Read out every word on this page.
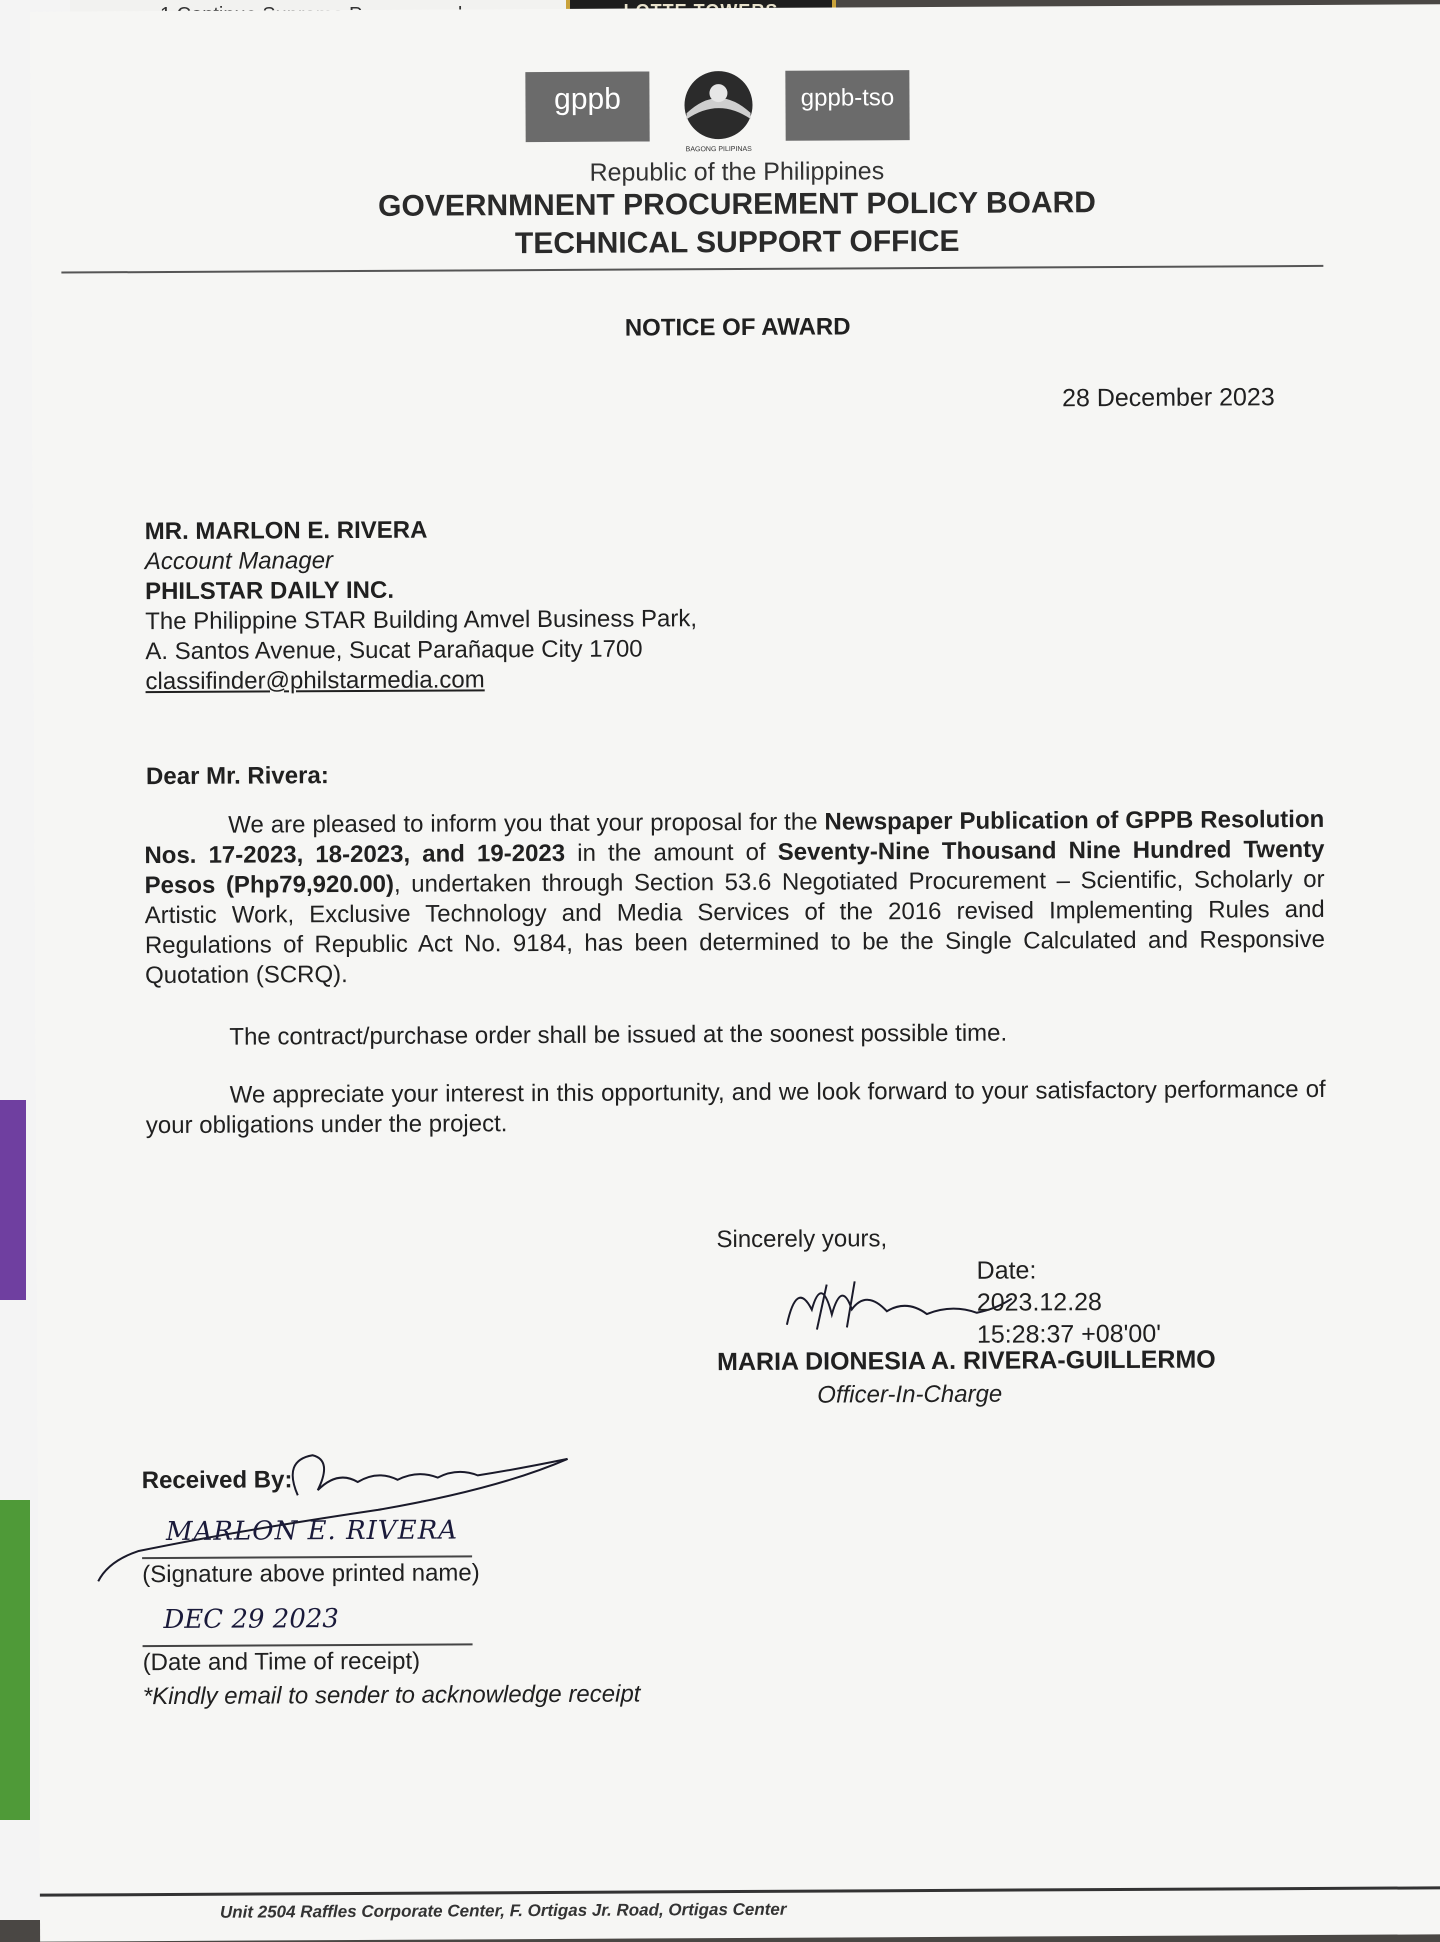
gppb
BAGONG PILIPINAS
gppb-tso
Republic of the Philippines
GOVERNMNENT PROCUREMENT POLICY BOARD
TECHNICAL SUPPORT OFFICE
NOTICE OF AWARD
28 December 2023
MR. MARLON E. RIVERA
Account Manager
PHILSTAR DAILY INC.
The Philippine STAR Building Amvel Business Park,
A. Santos Avenue, Sucat Parañaque City 1700
classifinder@philstarmedia.com
Dear Mr. Rivera:
We are pleased to inform you that your proposal for the Newspaper Publication of GPPB Resolution Nos. 17-2023, 18-2023, and 19-2023 in the amount of Seventy-Nine Thousand Nine Hundred Twenty Pesos (Php79,920.00), undertaken through Section 53.6 Negotiated Procurement – Scientific, Scholarly or Artistic Work, Exclusive Technology and Media Services of the 2016 revised Implementing Rules and Regulations of Republic Act No. 9184, has been determined to be the Single Calculated and Responsive Quotation (SCRQ).
The contract/purchase order shall be issued at the soonest possible time.
We appreciate your interest in this opportunity, and we look forward to your satisfactory performance of your obligations under the project.
Sincerely yours,
Date:
2023.12.28
15:28:37 +08'00'
MARIA DIONESIA A. RIVERA-GUILLERMO
Officer-In-Charge
Received By:
MARLON E. RIVERA
(Signature above printed name)
DEC 29 2023
(Date and Time of receipt)
*Kindly email to sender to acknowledge receipt
Unit 2504 Raffles Corporate Center, F. Ortigas Jr. Road, Ortigas Center
